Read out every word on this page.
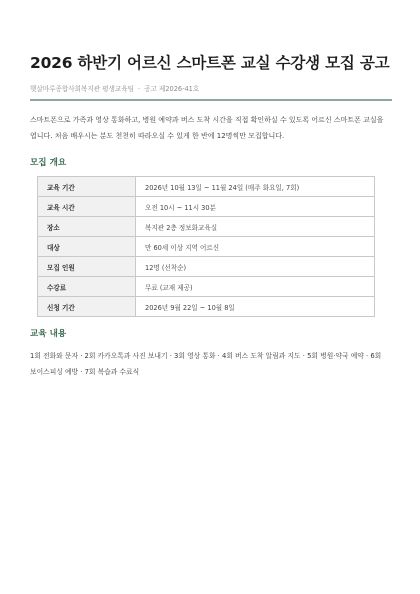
2026 하반기 어르신 스마트폰 교실 수강생 모집 공고
햇살마루종합사회복지관 평생교육팀 · 공고 제2026-41호

스마트폰으로 가족과 영상 통화하고, 병원 예약과 버스 도착 시간을 직접 확인하실 수 있도록 어르신 스마트폰 교실을 엽니다. 처음 배우시는 분도 천천히 따라오실 수 있게 한 반에 12명씩만 모집합니다.

모집 개요
교육 기간	2026년 10월 13일 ~ 11월 24일 (매주 화요일, 7회)
교육 시간	오전 10시 ~ 11시 30분
장소	복지관 2층 정보화교육실
대상	만 60세 이상 지역 어르신
모집 인원	12명 (선착순)
수강료	무료 (교재 제공)
신청 기간	2026년 9월 22일 ~ 10월 8일
교육 내용

1회 전화와 문자 · 2회 카카오톡과 사진 보내기 · 3회 영상 통화 · 4회 버스 도착 알림과 지도 · 5회 병원·약국 예약 · 6회 보이스피싱 예방 · 7회 복습과 수료식
